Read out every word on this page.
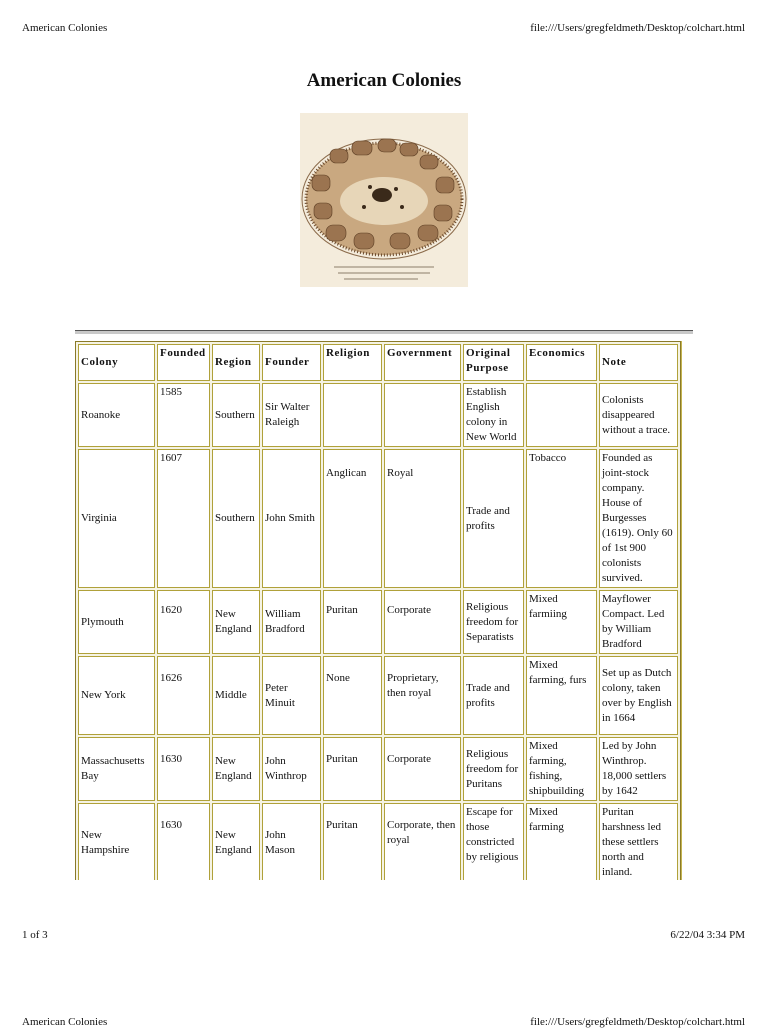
American Colonies	file:///Users/gregfeldmeth/Desktop/colchart.html
American Colonies
Colony	Founded	Region	Founder	Religion	Government	Original Purpose	Economics	Note
Roanoke	1585	Southern	Sir Walter Raleigh			Establish English colony in New World		Colonists disappeared without a trace.
Virginia	1607	Southern	John Smith	Anglican	Royal	Trade and profits	Tobacco	Founded as joint-stock company. House of Burgesses (1619). Only 60 of 1st 900 colonists survived.
Plymouth	1620	New England	William Bradford	Puritan	Corporate	Religious freedom for Separatists	Mixed farmiing	Mayflower Compact. Led by William Bradford
New York	1626	Middle	Peter Minuit	None	Proprietary, then royal	Trade and profits	Mixed farming, furs	Set up as Dutch colony, taken over by English in 1664
Massachusetts Bay	1630	New England	John Winthrop	Puritan	Corporate	Religious freedom for Puritans	Mixed farming, fishing, shipbuilding	Led by John Winthrop. 18,000 settlers by 1642
New Hampshire	1630	New England	John Mason	Puritan	Corporate, then royal	Escape for those constricted by religious	Mixed farming	Puritan harshness led these settlers north and inland.
1 of 3	6/22/04 3:34 PM
American Colonies	file:///Users/gregfeldmeth/Desktop/colchart.html
